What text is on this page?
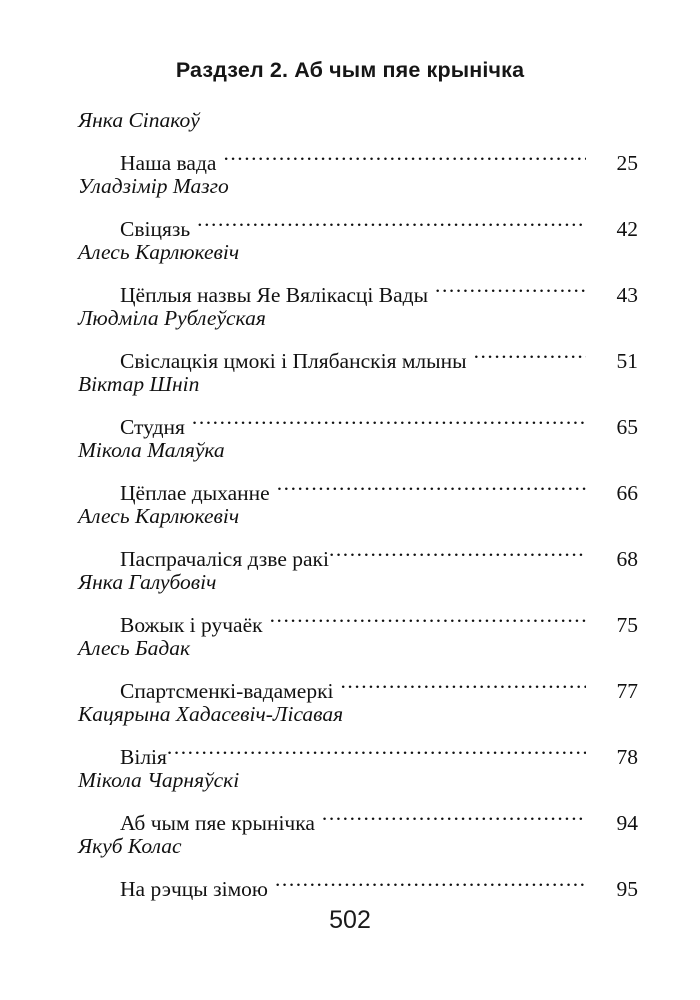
Раздзел 2. Аб чым пяе крынічка
Янка Сіпакоў
Наша вада .....	25
Уладзімір Мазго
Свіцязь .....	42
Алесь Карлюкевіч
Цёплыя назвы Яе Вялікасці Вады .....	43
Людміла Рублеўская
Свіслацкія цмокі і Плябанскія млыны .....	51
Віктар Шніп
Студня .....	65
Мікола Маляўка
Цёплае дыханне .....	66
Алесь Карлюкевіч
Паспрачаліся дзве ракі .....	68
Янка Галубовіч
Вожык і ручаёк .....	75
Алесь Бадак
Спартсменкі-вадамеркі .....	77
Кацярына Хадасевіч-Лісавая
Вілія .....	78
Мікола Чарняўскі
Аб чым пяе крынічка .....	94
Якуб Колас
На рэчцы зімою .....	95
502
